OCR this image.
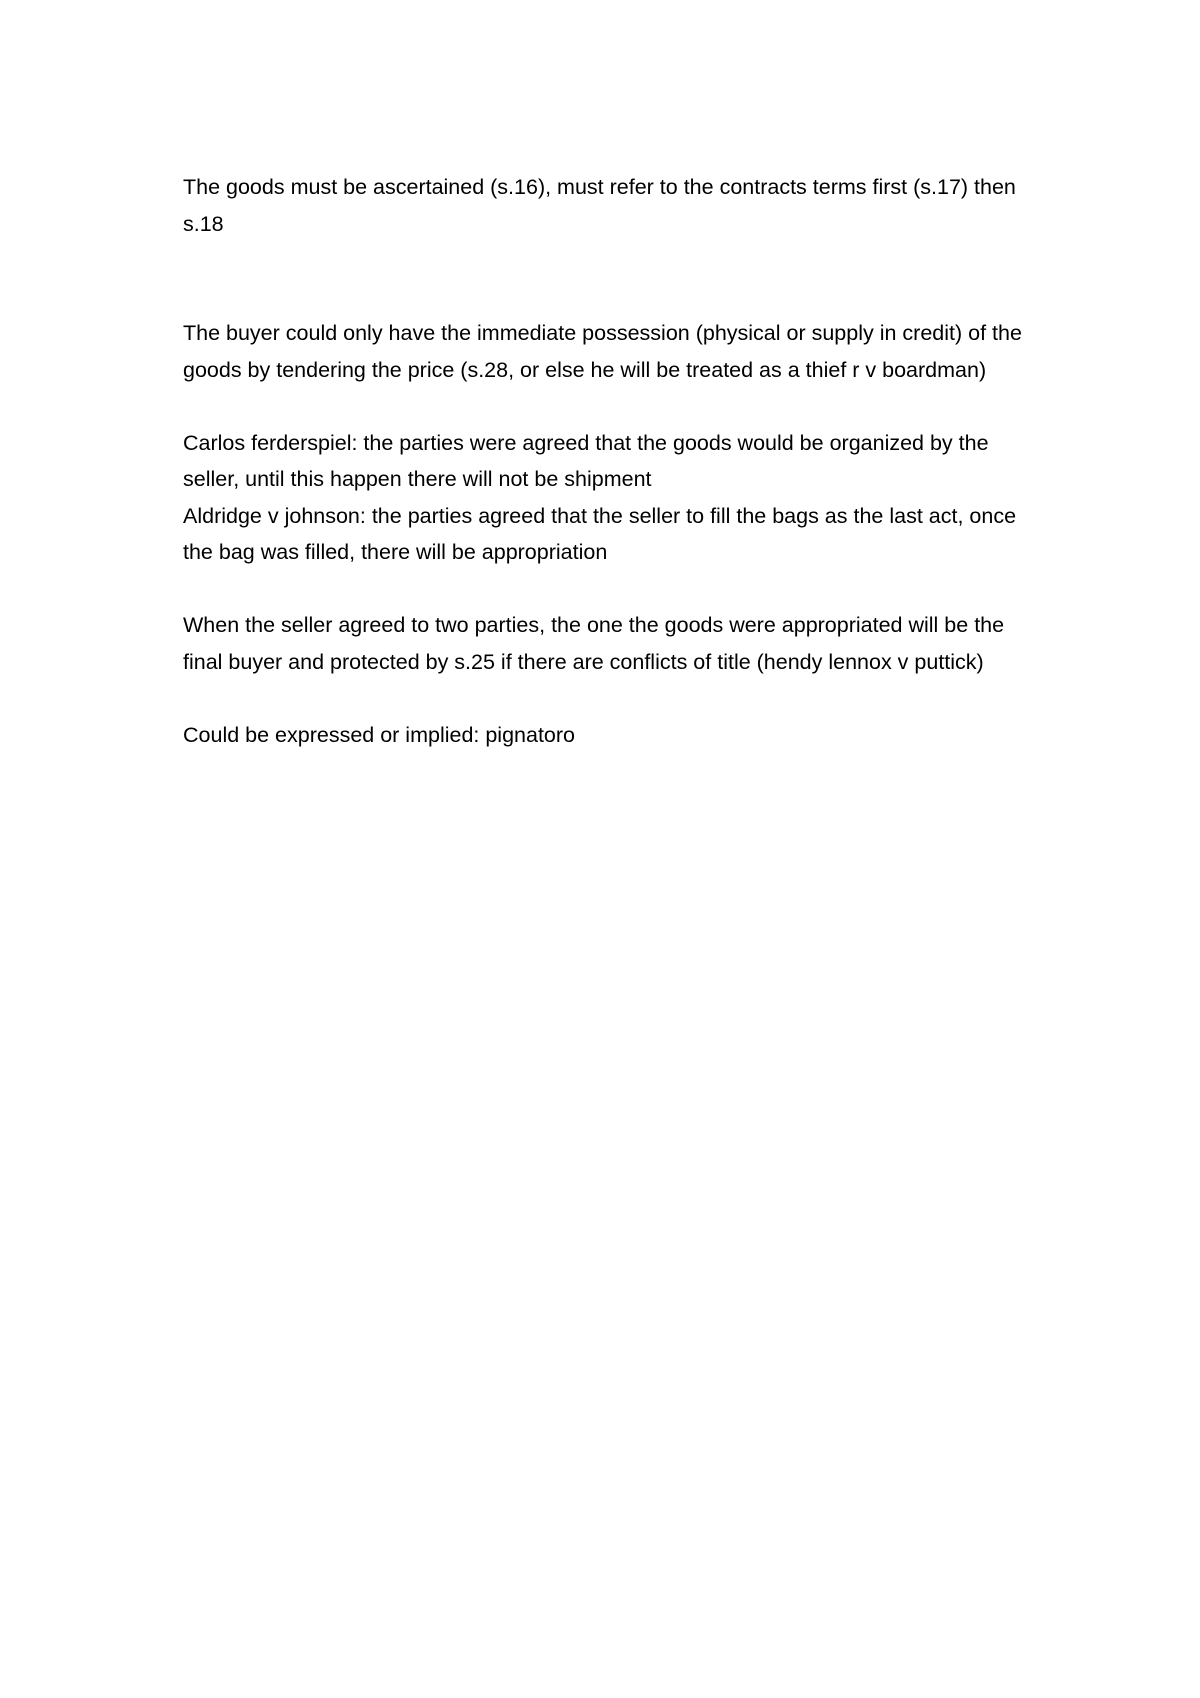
The goods must be ascertained (s.16), must refer to the contracts terms first (s.17) then s.18

The buyer could only have the immediate possession (physical or supply in credit) of the goods by tendering the price (s.28, or else he will be treated as a thief r v boardman)

Carlos ferderspiel: the parties were agreed that the goods would be organized by the seller, until this happen there will not be shipment

Aldridge v johnson: the parties agreed that the seller to fill the bags as the last act, once the bag was filled, there will be appropriation

When the seller agreed to two parties, the one the goods were appropriated will be the final buyer and protected by s.25 if there are conflicts of title (hendy lennox v puttick)

Could be expressed or implied: pignatoro
